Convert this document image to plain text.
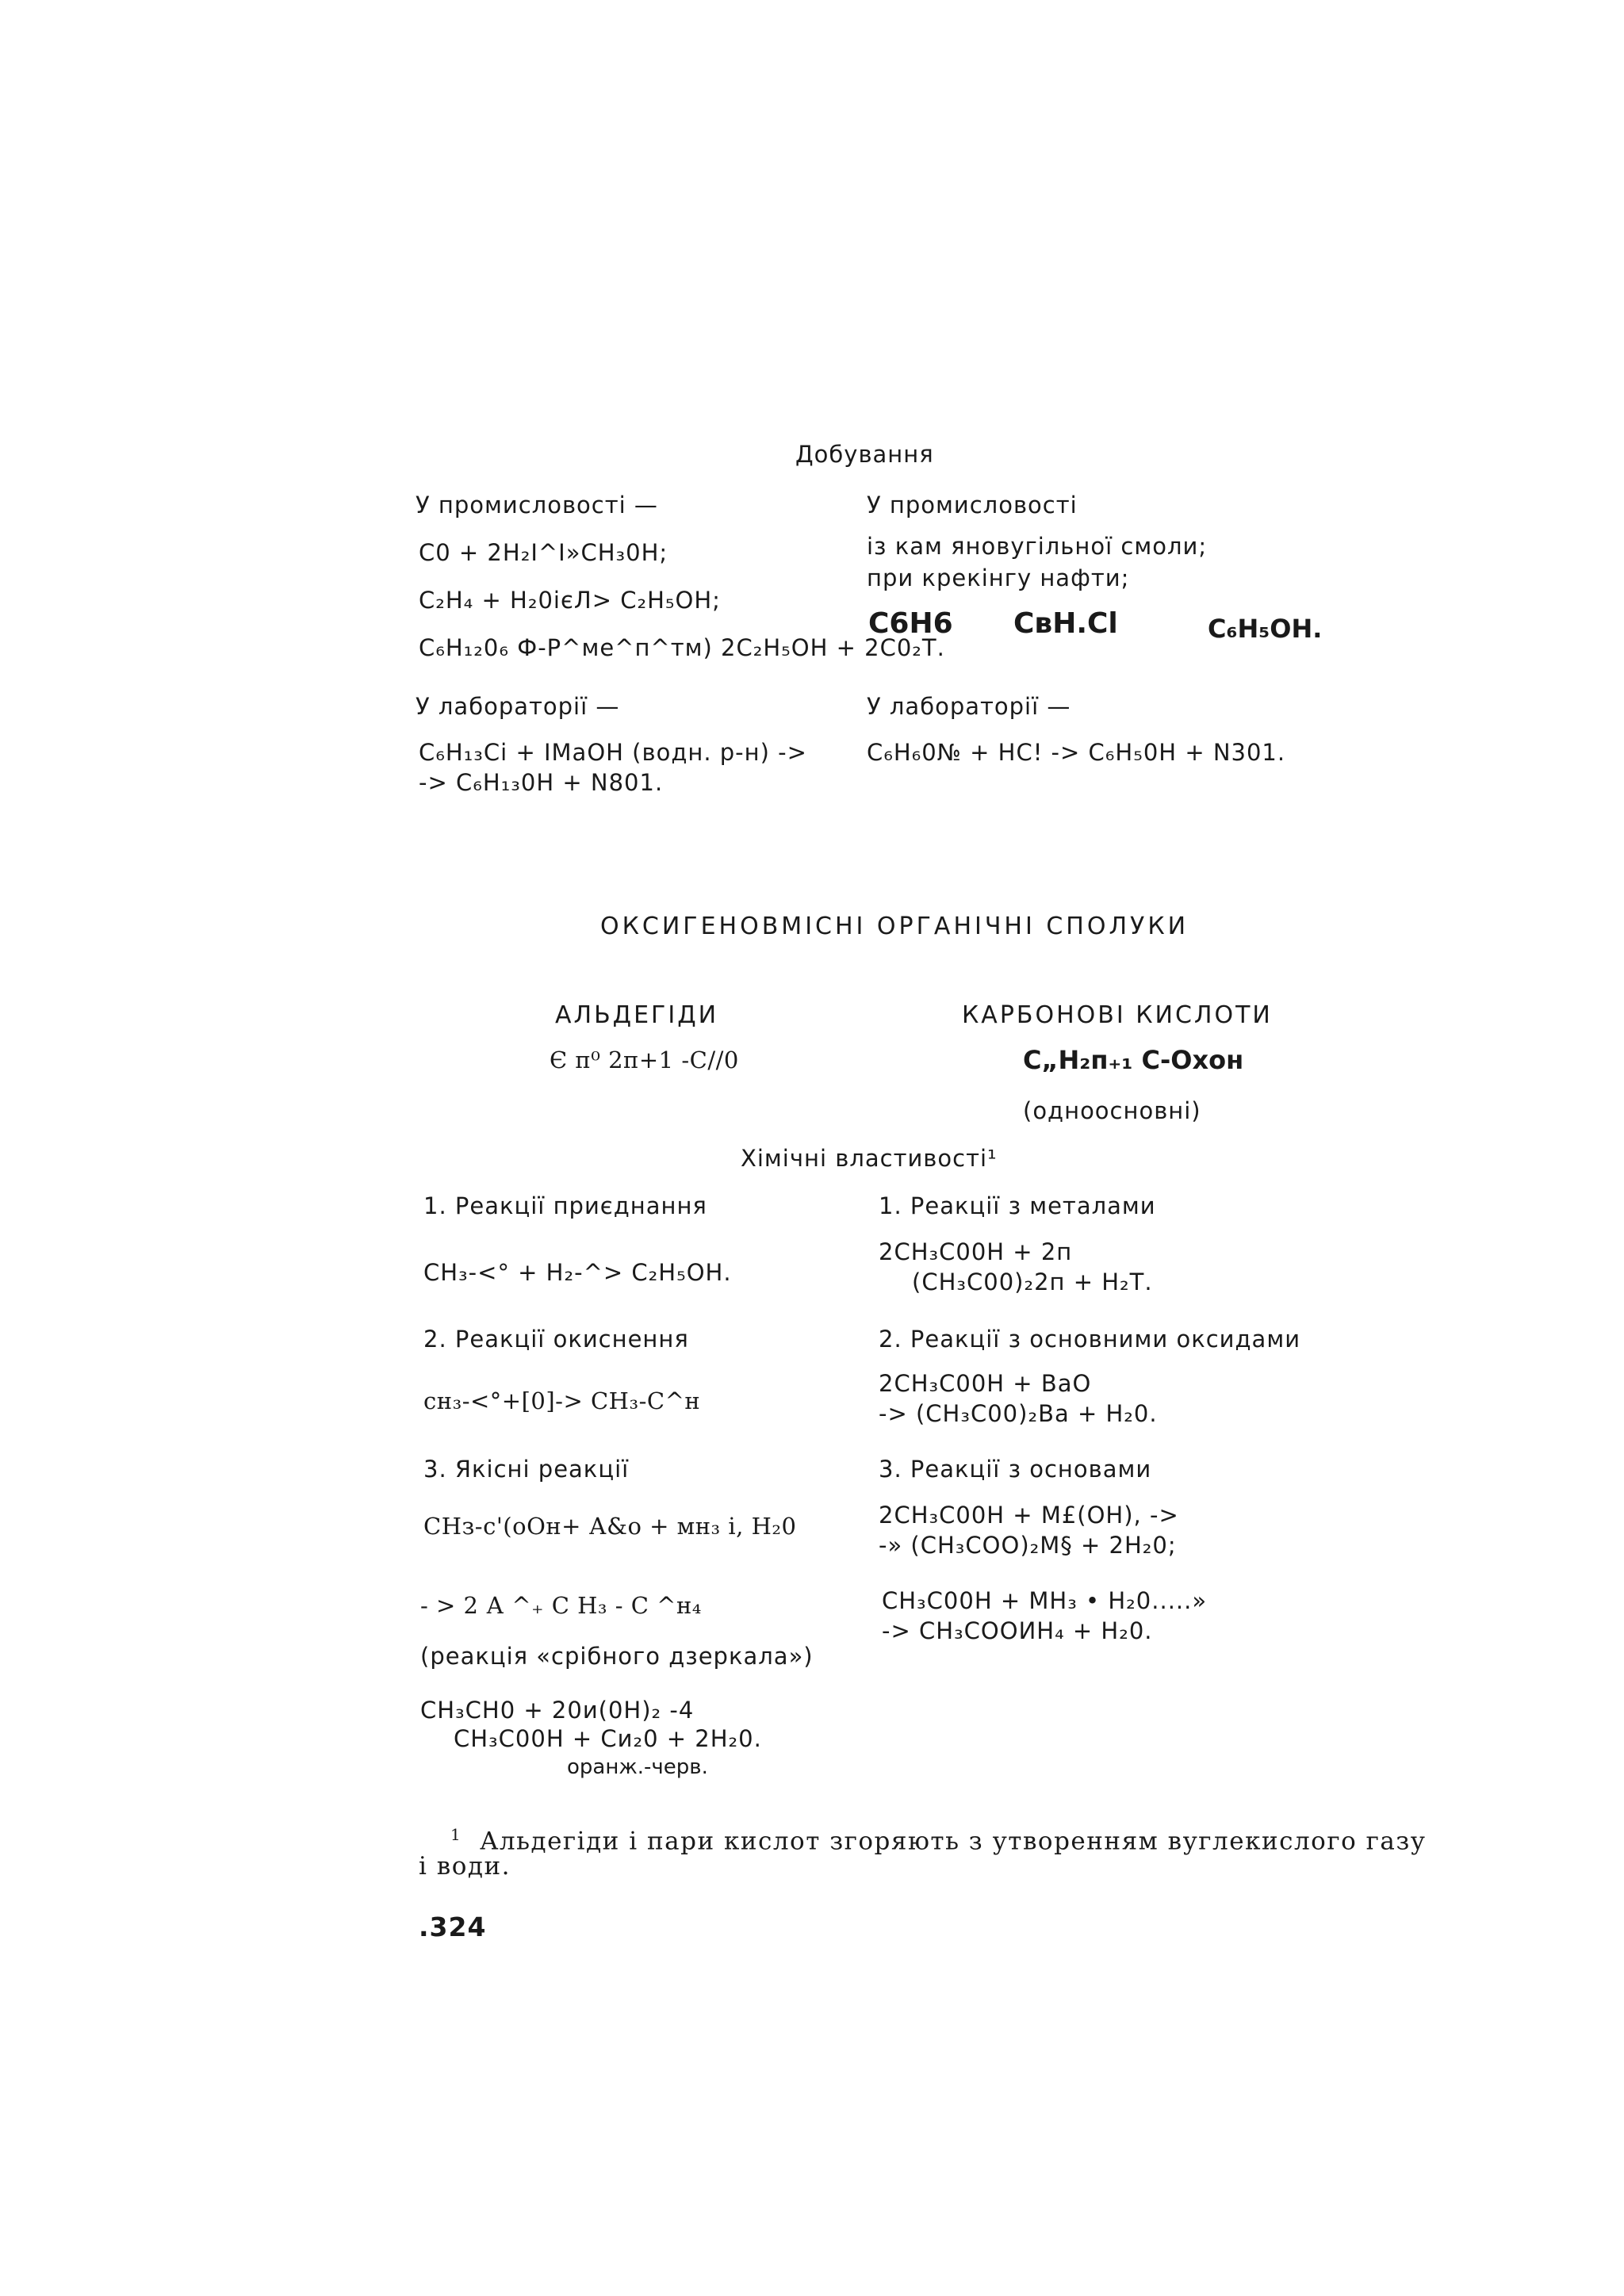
Добування
У промисловості —
С0 + 2Н₂І^І»СН₃0Н;
С₂Н₄ + Н₂0ієЛ> С₂Н₅ОН;
С₆Н₁₂0₆ Ф-Р^ме^п^тм) 2С₂Н₅ОН + 2С0₂Т.
У промисловості
із кам яновугільної смоли;
при крекінгу нафти;
С6Н6 СвН.Сl	С₆Н₅ОН.
У лабораторії —
С₆Н₁₃Сі + IMaOH (водн. р-н) ->
-> С₆Н₁₃0Н + N801.
У лабораторії —
С₆Н₆0№ + НС! -> С₆Н₅0Н + N301.
ОКСИГЕНОВМІСНІ ОРГАНІЧНІ СПОЛУКИ
АЛЬДЕГІДИ
Є п⁰ 2п+1 -С//0
КАРБОНОВІ КИСЛОТИ
С„Н₂п₊₁ С-Охон
(одноосновні)
Хімічні властивості¹
1. Реакції приєднання
СН₃-<° + Н₂-^> С₂Н₅ОН.
2. Реакції окиснення
сн₃-<°+[0]-> СН₃-С^н
3. Якісні реакції
СНз-с'(оОн+ А&о + мн₃ і, Н₂0
- > 2 А ^₊ С Н₃ - С ^н₄
(реакція «срібного дзеркала»)
СН₃СН0 + 20и(0Н)₂ -4
СН₃С00Н + Си₂0 + 2Н₂0.
оранж.-черв.
1. Реакції з металами
2СН₃С00Н + 2п
(СН₃С00)₂2п + Н₂Т.
2. Реакції з основними оксидами
2СН₃С00Н + ВаО
-> (СН₃С00)₂Ва + Н₂0.
3. Реакції з основами
2СН₃С00Н + М£(ОН), ->
-» (СН₃СОО)₂М§ + 2Н₂0;
СН₃С00Н + МН₃ • Н₂0.....»
-> СН₃СООИН₄ + Н₂0.
$^1$ Альдегіди і пари кислот згоряють з утворенням вуглекислого газу
і води.
.324
